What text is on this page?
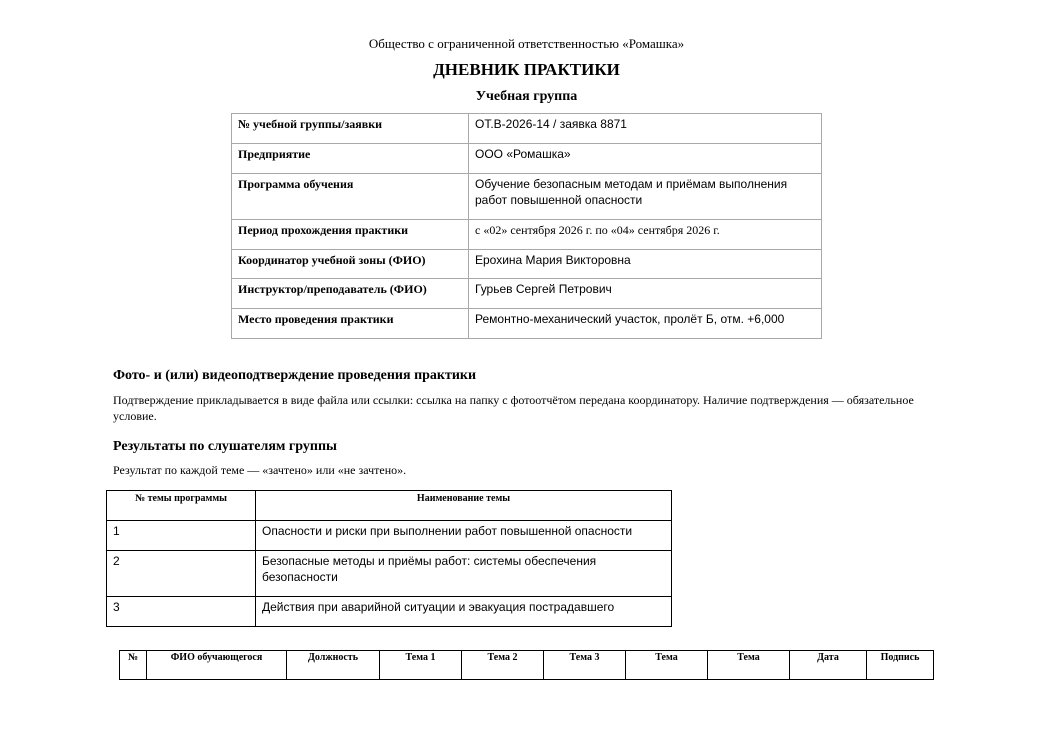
Общество с ограниченной ответственностью «Ромашка»
ДНЕВНИК ПРАКТИКИ
Учебная группа
№ учебной группы/заявки	ОТ.В-2026-14 / заявка 8871
Предприятие	ООО «Ромашка»
Программа обучения	Обучение безопасным методам и приёмам выполнения работ повышенной опасности
Период прохождения практики	с «02» сентября 2026 г. по «04» сентября 2026 г.
Координатор учебной зоны (ФИО)	Ерохина Мария Викторовна
Инструктор/преподаватель (ФИО)	Гурьев Сергей Петрович
Место проведения практики	Ремонтно-механический участок, пролёт Б, отм. +6,000
Фото- и (или) видеоподтверждение проведения практики
Подтверждение прикладывается в виде файла или ссылки: ссылка на папку с фотоотчётом передана координатору. Наличие подтверждения — обязательное условие.
Результаты по слушателям группы
Результат по каждой теме — «зачтено» или «не зачтено».
№ темы программы	Наименование темы
1	Опасности и риски при выполнении работ повышенной опасности
2	Безопасные методы и приёмы работ: системы обеспечения безопасности
3	Действия при аварийной ситуации и эвакуация пострадавшего
№	ФИО обучающегося	Должность	Тема 1	Тема 2	Тема 3	Тема	Тема	Дата	Подпись
